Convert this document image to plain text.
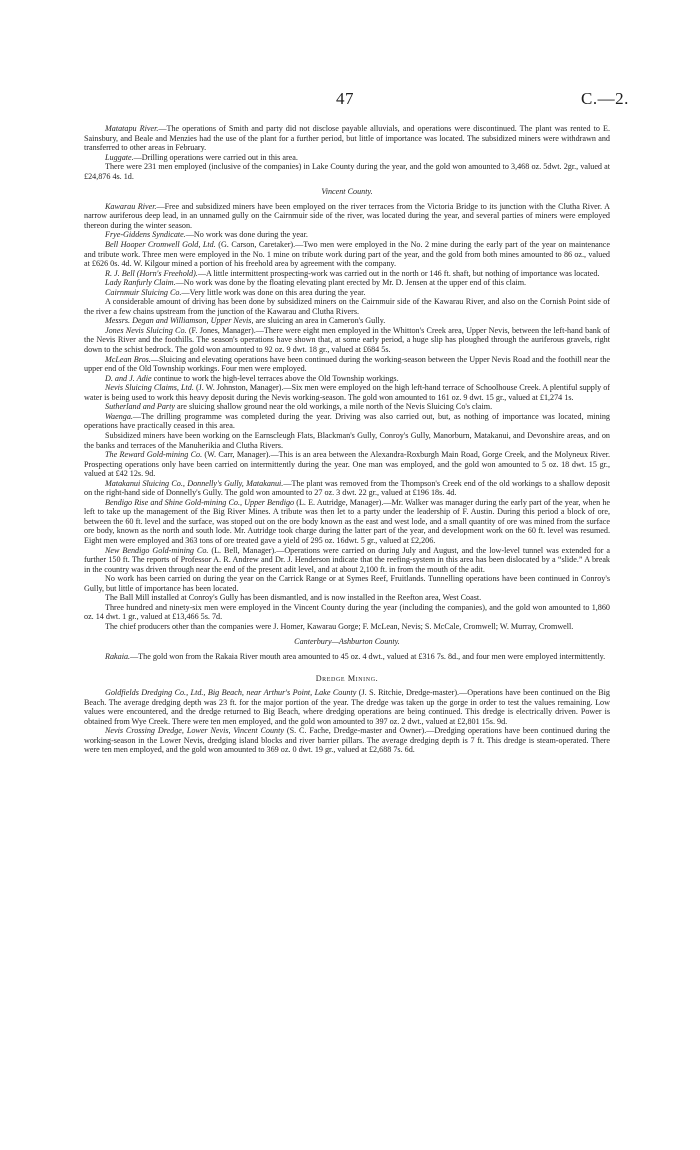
47	C.—2.

Matatapu River.—The operations of Smith and party did not disclose payable alluvials, and operations were discontinued. The plant was rented to E. Sainsbury, and Beale and Menzies had the use of the plant for a further period, but little of importance was located. The subsidized miners were withdrawn and transferred to other areas in February.

Luggate.—Drilling operations were carried out in this area.

There were 231 men employed (inclusive of the companies) in Lake County during the year, and the gold won amounted to 3,468 oz. 5dwt. 2gr., valued at £24,876 4s. 1d.

Vincent County.

Kawarau River.—Free and subsidized miners have been employed on the river terraces from the Victoria Bridge to its junction with the Clutha River. A narrow auriferous deep lead, in an unnamed gully on the Cairnmuir side of the river, was located during the year, and several parties of miners were employed thereon during the winter season.

Frye-Giddens Syndicate.—No work was done during the year.

Bell Hooper Cromwell Gold, Ltd. (G. Carson, Caretaker).—Two men were employed in the No. 2 mine during the early part of the year on maintenance and tribute work. Three men were employed in the No. 1 mine on tribute work during part of the year, and the gold from both mines amounted to 86 oz., valued at £626 0s. 4d. W. Kilgour mined a portion of his freehold area by agreement with the company.

R. J. Bell (Horn's Freehold).—A little intermittent prospecting-work was carried out in the north or 146 ft. shaft, but nothing of importance was located.

Lady Ranfurly Claim.—No work was done by the floating elevating plant erected by Mr. D. Jensen at the upper end of this claim.

Cairnmuir Sluicing Co.—Very little work was done on this area during the year.

A considerable amount of driving has been done by subsidized miners on the Cairnmuir side of the Kawarau River, and also on the Cornish Point side of the river a few chains upstream from the junction of the Kawarau and Clutha Rivers.

Messrs. Degan and Williamson, Upper Nevis, are sluicing an area in Cameron's Gully.

Jones Nevis Sluicing Co. (F. Jones, Manager).—There were eight men employed in the Whitton's Creek area, Upper Nevis, between the left-hand bank of the Nevis River and the foothills. The season's operations have shown that, at some early period, a huge slip has ploughed through the auriferous gravels, right down to the schist bedrock. The gold won amounted to 92 oz. 9 dwt. 18 gr., valued at £684 5s.

McLean Bros.—Sluicing and elevating operations have been continued during the working-season between the Upper Nevis Road and the foothill near the upper end of the Old Township workings. Four men were employed.

D. and J. Adie continue to work the high-level terraces above the Old Township workings.

Nevis Sluicing Claims, Ltd. (J. W. Johnston, Manager).—Six men were employed on the high left-hand terrace of Schoolhouse Creek. A plentiful supply of water is being used to work this heavy deposit during the Nevis working-season. The gold won amounted to 161 oz. 9 dwt. 15 gr., valued at £1,274 1s.

Sutherland and Party are sluicing shallow ground near the old workings, a mile north of the Nevis Sluicing Co's claim.

Waenga.—The drilling programme was completed during the year. Driving was also carried out, but, as nothing of importance was located, mining operations have practically ceased in this area.

Subsidized miners have been working on the Earnscleugh Flats, Blackman's Gully, Conroy's Gully, Manorburn, Matakanui, and Devonshire areas, and on the banks and terraces of the Manuherikia and Clutha Rivers.

The Reward Gold-mining Co. (W. Carr, Manager).—This is an area between the Alexandra-Roxburgh Main Road, Gorge Creek, and the Molyneux River. Prospecting operations only have been carried on intermittently during the year. One man was employed, and the gold won amounted to 5 oz. 18 dwt. 15 gr., valued at £42 12s. 9d.

Matakanui Sluicing Co., Donnelly's Gully, Matakanui.—The plant was removed from the Thompson's Creek end of the old workings to a shallow deposit on the right-hand side of Donnelly's Gully. The gold won amounted to 27 oz. 3 dwt. 22 gr., valued at £196 18s. 4d.

Bendigo Rise and Shine Gold-mining Co., Upper Bendigo (L. E. Autridge, Manager).—Mr. Walker was manager during the early part of the year, when he left to take up the management of the Big River Mines. A tribute was then let to a party under the leadership of F. Austin. During this period a block of ore, between the 60 ft. level and the surface, was stoped out on the ore body known as the east and west lode, and a small quantity of ore was mined from the surface ore body, known as the north and south lode. Mr. Autridge took charge during the latter part of the year, and development work on the 60 ft. level was resumed. Eight men were employed and 363 tons of ore treated gave a yield of 295 oz. 16dwt. 5 gr., valued at £2,206.

New Bendigo Gold-mining Co. (L. Bell, Manager).—Operations were carried on during July and August, and the low-level tunnel was extended for a further 150 ft. The reports of Professor A. R. Andrew and Dr. J. Henderson indicate that the reefing-system in this area has been dislocated by a “slide.” A break in the country was driven through near the end of the present adit level, and at about 2,100 ft. in from the mouth of the adit.

No work has been carried on during the year on the Carrick Range or at Symes Reef, Fruitlands. Tunnelling operations have been continued in Conroy's Gully, but little of importance has been located.

The Ball Mill installed at Conroy's Gully has been dismantled, and is now installed in the Reefton area, West Coast.

Three hundred and ninety-six men were employed in the Vincent County during the year (including the companies), and the gold won amounted to 1,860 oz. 14 dwt. 1 gr., valued at £13,466 5s. 7d.

The chief producers other than the companies were J. Homer, Kawarau Gorge; F. McLean, Nevis; S. McCale, Cromwell; W. Murray, Cromwell.

Canterbury—Ashburton County.

Rakaia.—The gold won from the Rakaia River mouth area amounted to 45 oz. 4 dwt., valued at £316 7s. 8d., and four men were employed intermittently.

Dredge Mining.

Goldfields Dredging Co., Ltd., Big Beach, near Arthur's Point, Lake County (J. S. Ritchie, Dredge-master).—Operations have been continued on the Big Beach. The average dredging depth was 23 ft. for the major portion of the year. The dredge was taken up the gorge in order to test the values remaining. Low values were encountered, and the dredge returned to Big Beach, where dredging operations are being continued. This dredge is electrically driven. Power is obtained from Wye Creek. There were ten men employed, and the gold won amounted to 397 oz. 2 dwt., valued at £2,801 15s. 9d.

Nevis Crossing Dredge, Lower Nevis, Vincent County (S. C. Fache, Dredge-master and Owner).—Dredging operations have been continued during the working-season in the Lower Nevis, dredging island blocks and river barrier pillars. The average dredging depth is 7 ft. This dredge is steam-operated. There were ten men employed, and the gold won amounted to 369 oz. 0 dwt. 19 gr., valued at £2,688 7s. 6d.
